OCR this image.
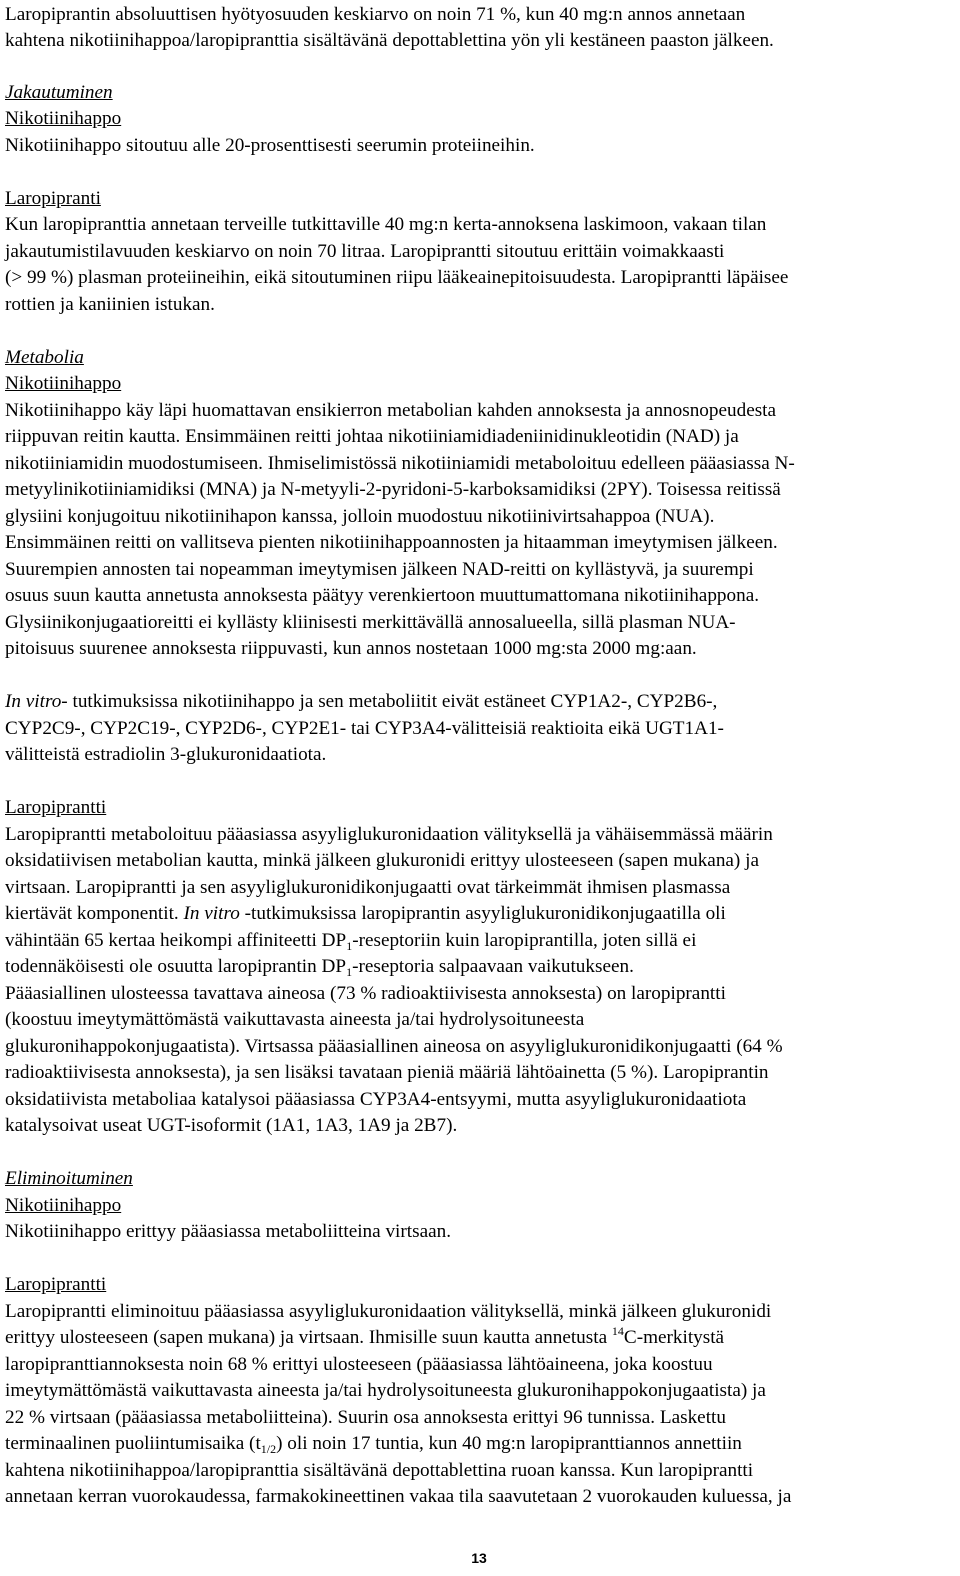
Laropiprantin absoluuttisen hyötyosuuden keskiarvo on noin 71 %, kun 40 mg:n annos annetaan
kahtena nikotiinihappoa/laropipranttia sisältävänä depottablettina yön yli kestäneen paaston jälkeen.
Jakautuminen
Nikotiinihappo
Nikotiinihappo sitoutuu alle 20-prosenttisesti seerumin proteiineihin.
Laropipranti
Kun laropipranttia annetaan terveille tutkittaville 40 mg:n kerta-annoksena laskimoon, vakaan tilan
jakautumistilavuuden keskiarvo on noin 70 litraa. Laropiprantti sitoutuu erittäin voimakkaasti
(> 99 %) plasman proteiineihin, eikä sitoutuminen riipu lääkeainepitoisuudesta. Laropiprantti läpäisee
rottien ja kaniinien istukan.
Metabolia
Nikotiinihappo
Nikotiinihappo käy läpi huomattavan ensikierron metabolian kahden annoksesta ja annosnopeudesta
riippuvan reitin kautta. Ensimmäinen reitti johtaa nikotiiniamidiadeniinidinukleotidin (NAD) ja
nikotiiniamidin muodostumiseen. Ihmiselimistössä nikotiiniamidi metaboloituu edelleen pääasiassa N-
metyylinikotiiniamidiksi (MNA) ja N-metyyli-2-pyridoni-5-karboksamidiksi (2PY). Toisessa reitissä
glysiini konjugoituu nikotiinihapon kanssa, jolloin muodostuu nikotiinivirtsahappoa (NUA).
Ensimmäinen reitti on vallitseva pienten nikotiinihappoannosten ja hitaamman imeytymisen jälkeen.
Suurempien annosten tai nopeamman imeytymisen jälkeen NAD-reitti on kyllästyvä, ja suurempi
osuus suun kautta annetusta annoksesta päätyy verenkiertoon muuttumattomana nikotiinihappona.
Glysiinikonjugaatioreitti ei kyllästy kliinisesti merkittävällä annosalueella, sillä plasman NUA-
pitoisuus suurenee annoksesta riippuvasti, kun annos nostetaan 1000 mg:sta 2000 mg:aan.
In vitro- tutkimuksissa nikotiinihappo ja sen metaboliitit eivät estäneet CYP1A2-, CYP2B6-,
CYP2C9-, CYP2C19-, CYP2D6-, CYP2E1- tai CYP3A4-välitteisiä reaktioita eikä UGT1A1-
välitteistä estradiolin 3-glukuronidaatiota.
Laropiprantti
Laropiprantti metaboloituu pääasiassa asyyliglukuronidaation välityksellä ja vähäisemmässä määrin
oksidatiivisen metabolian kautta, minkä jälkeen glukuronidi erittyy ulosteeseen (sapen mukana) ja
virtsaan. Laropiprantti ja sen asyyliglukuronidikonjugaatti ovat tärkeimmät ihmisen plasmassa
kiertävät komponentit. In vitro -tutkimuksissa laropiprantin asyyliglukuronidikonjugaatilla oli
vähintään 65 kertaa heikompi affiniteetti $DP_1$-reseptoriin kuin laropiprantilla, joten sillä ei
todennäköisesti ole osuutta laropiprantin $DP_1$-reseptoria salpaavaan vaikutukseen.
Pääasiallinen ulosteessa tavattava aineosa (73 % radioaktiivisesta annoksesta) on laropiprantti
(koostuu imeytymättömästä vaikuttavasta aineesta ja/tai hydrolysoituneesta
glukuronihappokonjugaatista). Virtsassa pääasiallinen aineosa on asyyliglukuronidikonjugaatti (64 %
radioaktiivisesta annoksesta), ja sen lisäksi tavataan pieniä määriä lähtöainetta (5 %). Laropiprantin
oksidatiivista metaboliaa katalysoi pääasiassa CYP3A4-entsyymi, mutta asyyliglukuronidaatiota
katalysoivat useat UGT-isoformit (1A1, 1A3, 1A9 ja 2B7).
Eliminoituminen
Nikotiinihappo
Nikotiinihappo erittyy pääasiassa metaboliitteina virtsaan.
Laropiprantti
Laropiprantti eliminoituu pääasiassa asyyliglukuronidaation välityksellä, minkä jälkeen glukuronidi
erittyy ulosteeseen (sapen mukana) ja virtsaan. Ihmisille suun kautta annetusta $^{14}$C-merkitystä
laropipranttiannoksesta noin 68 % erittyi ulosteeseen (pääasiassa lähtöaineena, joka koostuu
imeytymättömästä vaikuttavasta aineesta ja/tai hydrolysoituneesta glukuronihappokonjugaatista) ja
22 % virtsaan (pääasiassa metaboliitteina). Suurin osa annoksesta erittyi 96 tunnissa. Laskettu
terminaalinen puoliintumisaika $(t_{1/2})$ oli noin 17 tuntia, kun 40 mg:n laropipranttiannos annettiin
kahtena nikotiinihappoa/laropipranttia sisältävänä depottablettina ruoan kanssa. Kun laropiprantti
annetaan kerran vuorokaudessa, farmakokineettinen vakaa tila saavutetaan 2 vuorokauden kuluessa, ja
13
